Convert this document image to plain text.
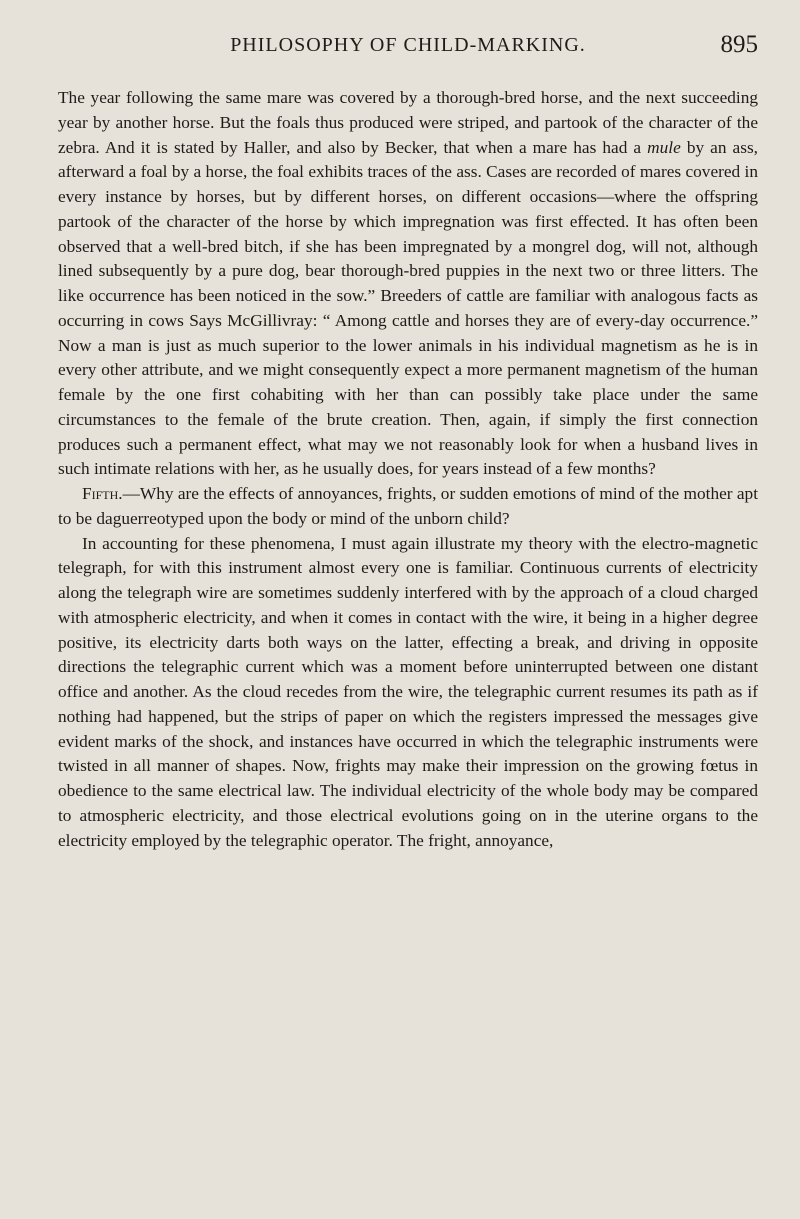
PHILOSOPHY OF CHILD-MARKING.	895

The year following the same mare was covered by a thorough-bred horse, and the next succeeding year by another horse. But the foals thus produced were striped, and partook of the character of the zebra. And it is stated by Haller, and also by Becker, that when a mare has had a mule by an ass, afterward a foal by a horse, the foal exhibits traces of the ass. Cases are recorded of mares covered in every instance by horses, but by different horses, on different occasions—where the offspring partook of the character of the horse by which impregnation was first effected. It has often been observed that a well-bred bitch, if she has been impregnated by a mongrel dog, will not, although lined subsequently by a pure dog, bear thorough-bred puppies in the next two or three litters. The like occurrence has been noticed in the sow.” Breeders of cattle are familiar with analogous facts as occurring in cows Says McGillivray: “ Among cattle and horses they are of every-day occurrence.” Now a man is just as much superior to the lower animals in his individual magnetism as he is in every other attribute, and we might consequently expect a more permanent magnetism of the human female by the one first cohabiting with her than can possibly take place under the same circumstances to the female of the brute creation. Then, again, if simply the first connection produces such a permanent effect, what may we not reasonably look for when a husband lives in such intimate relations with her, as he usually does, for years instead of a few months?

Fifth.—Why are the effects of annoyances, frights, or sudden emotions of mind of the mother apt to be daguerreotyped upon the body or mind of the unborn child?

In accounting for these phenomena, I must again illustrate my theory with the electro-magnetic telegraph, for with this instrument almost every one is familiar. Continuous currents of electricity along the telegraph wire are sometimes suddenly interfered with by the approach of a cloud charged with atmospheric electricity, and when it comes in contact with the wire, it being in a higher degree positive, its electricity darts both ways on the latter, effecting a break, and driving in opposite directions the telegraphic current which was a moment before uninterrupted between one distant office and another. As the cloud recedes from the wire, the telegraphic current resumes its path as if nothing had happened, but the strips of paper on which the registers impressed the messages give evident marks of the shock, and instances have occurred in which the telegraphic instruments were twisted in all manner of shapes. Now, frights may make their impression on the growing fœtus in obedience to the same electrical law. The individual electricity of the whole body may be compared to atmospheric electricity, and those electrical evolutions going on in the uterine organs to the electricity employed by the telegraphic operator. The fright, annoyance,
